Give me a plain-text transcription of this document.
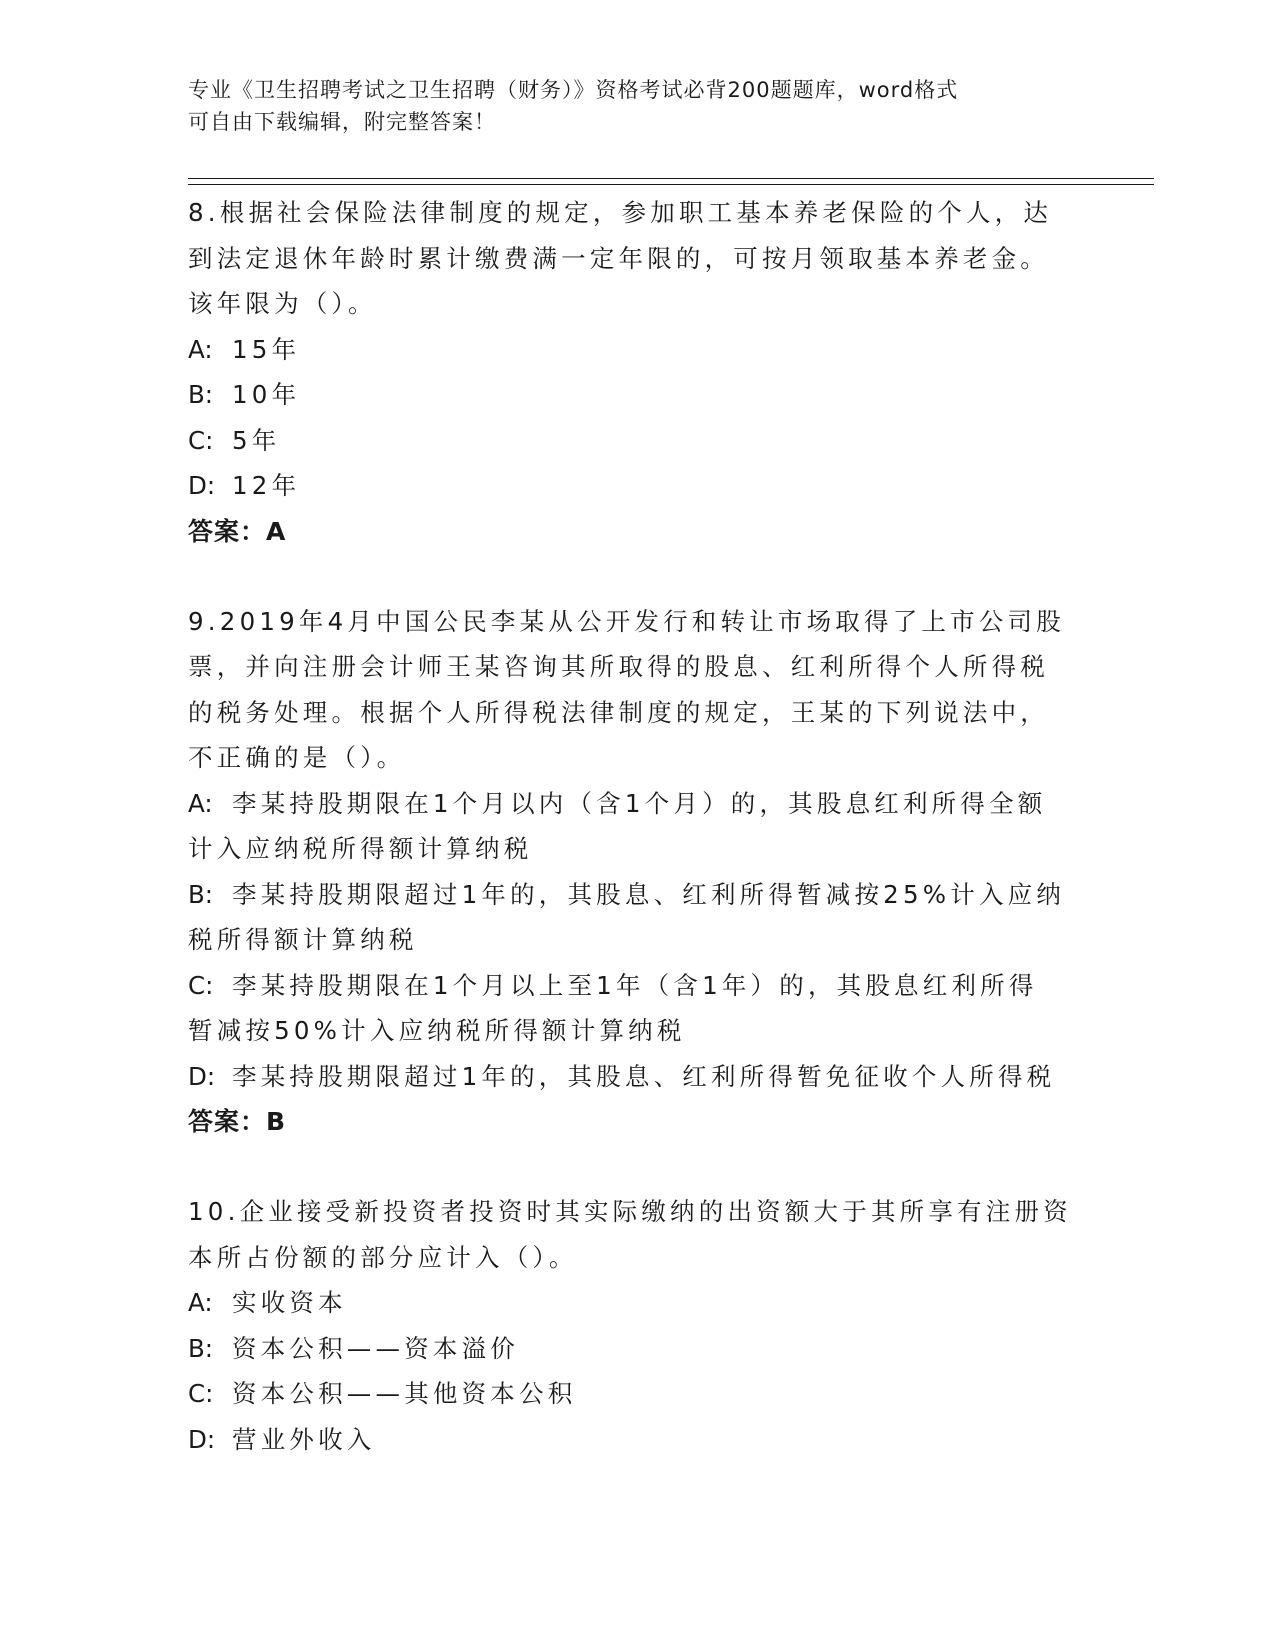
专业《卫生招聘考试之卫生招聘（财务）》资格考试必背200题题库，word格式
可自由下载编辑，附完整答案！

8.根据社会保险法律制度的规定，参加职工基本养老保险的个人，达

到法定退休年龄时累计缴费满一定年限的，可按月领取基本养老金。

该年限为（）。

A: 15年

B: 10年

C: 5年

D: 12年

答案：A

9.2019年4月中国公民李某从公开发行和转让市场取得了上市公司股

票，并向注册会计师王某咨询其所取得的股息、红利所得个人所得税

的税务处理。根据个人所得税法律制度的规定，王某的下列说法中，

不正确的是（）。

A: 李某持股期限在1个月以内（含1个月）的，其股息红利所得全额

计入应纳税所得额计算纳税

B: 李某持股期限超过1年的，其股息、红利所得暂减按25%计入应纳

税所得额计算纳税

C: 李某持股期限在1个月以上至1年（含1年）的，其股息红利所得

暂减按50%计入应纳税所得额计算纳税

D: 李某持股期限超过1年的，其股息、红利所得暂免征收个人所得税

答案：B

10.企业接受新投资者投资时其实际缴纳的出资额大于其所享有注册资

本所占份额的部分应计入（）。

A: 实收资本

B: 资本公积——资本溢价

C: 资本公积——其他资本公积

D: 营业外收入
